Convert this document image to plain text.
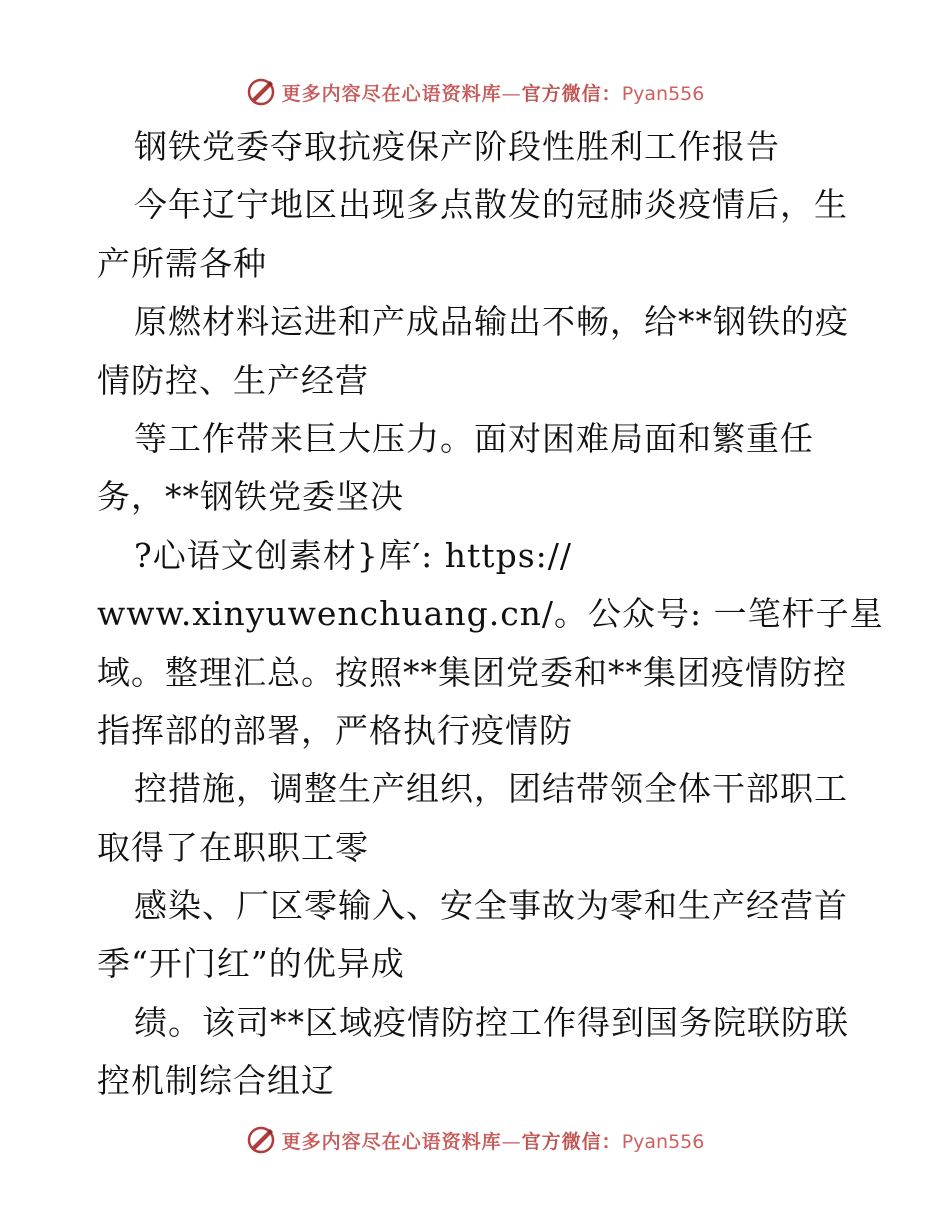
更多内容尽在心语资料库—官方微信：Pyan556
钢铁党委夺取抗疫保产阶段性胜利工作报告
今年辽宁地区出现多点散发的冠肺炎疫情后，生
产所需各种
原燃材料运进和产成品输出不畅，给**钢铁的疫
情防控、生产经营
等工作带来巨大压力。面对困难局面和繁重任
务，**钢铁党委坚决
?心语文创素材}库′: https://
www.xinyuwenchuang.cn/。公众号: 一笔杆子星
域。整理汇总。按照**集团党委和**集团疫情防控
指挥部的部署，严格执行疫情防
控措施，调整生产组织，团结带领全体干部职工
取得了在职职工零
感染、厂区零输入、安全事故为零和生产经营首
季“开门红”的优异成
绩。该司**区域疫情防控工作得到国务院联防联
控机制综合组辽
更多内容尽在心语资料库—官方微信：Pyan556
